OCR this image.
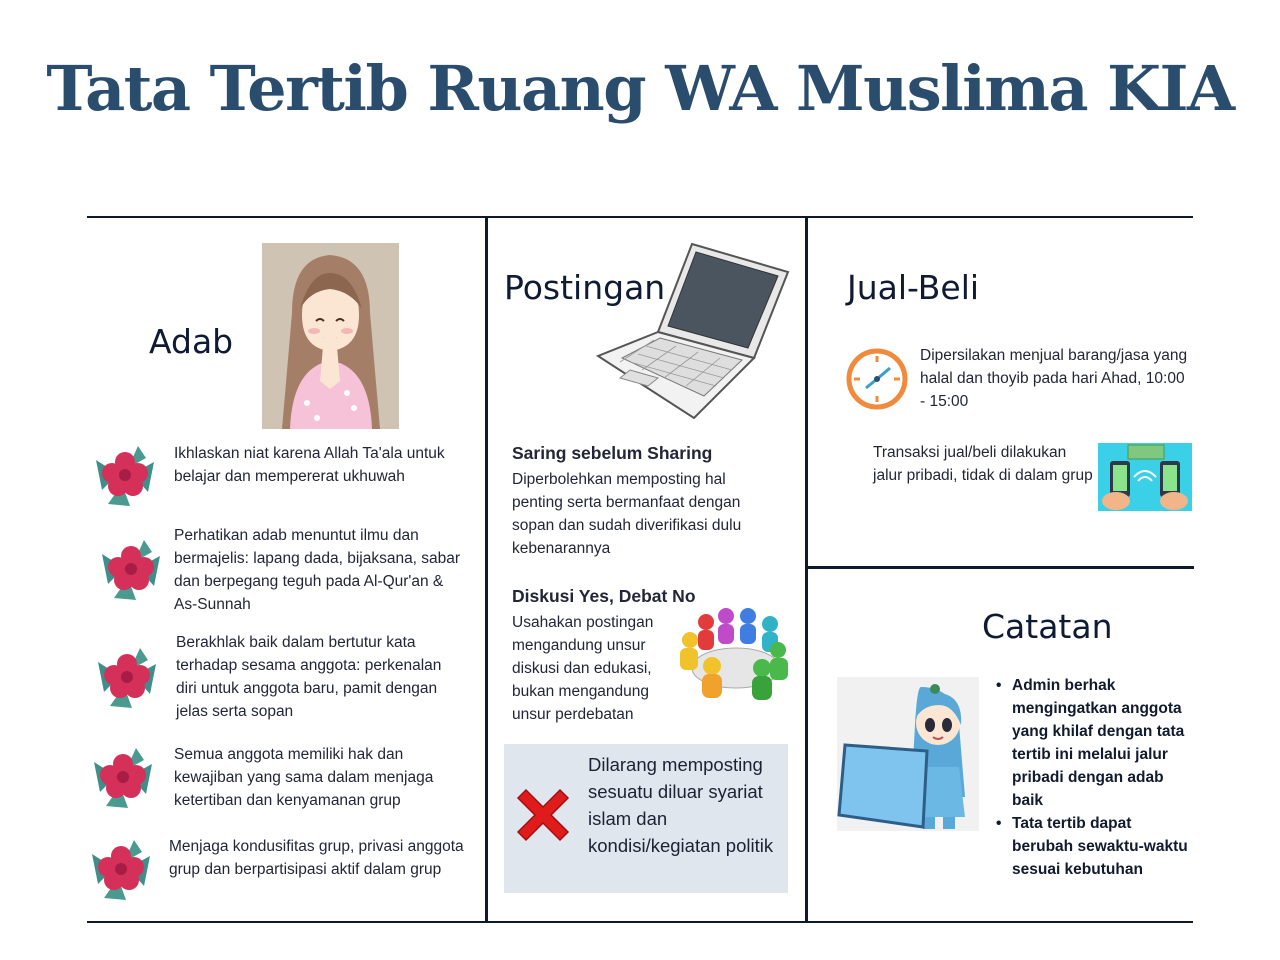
Tata Tertib Ruang WA Muslima KIA
Adab
Ikhlaskan niat karena Allah Ta'ala untuk belajar dan mempererat ukhuwah
Perhatikan adab menuntut ilmu dan bermajelis: lapang dada, bijaksana, sabar dan berpegang teguh pada Al-Qur'an & As-Sunnah
Berakhlak baik dalam bertutur kata terhadap sesama anggota: perkenalan diri untuk anggota baru, pamit dengan jelas serta sopan
Semua anggota memiliki hak dan kewajiban yang sama dalam menjaga ketertiban dan kenyamanan grup
Menjaga kondusifitas grup, privasi anggota grup dan berpartisipasi aktif dalam grup
Postingan
Saring sebelum Sharing
Diperbolehkan memposting hal penting serta bermanfaat dengan sopan dan sudah diverifikasi dulu kebenarannya
Diskusi Yes, Debat No
Usahakan postingan mengandung unsur diskusi dan edukasi, bukan mengandung unsur perdebatan
Dilarang memposting sesuatu diluar syariat islam dan kondisi/kegiatan politik
Jual-Beli
Dipersilakan menjual barang/jasa yang halal dan thoyib pada hari Ahad, 10:00 - 15:00
Transaksi jual/beli dilakukan jalur pribadi, tidak di dalam grup
Catatan
• Admin berhak mengingatkan anggota yang khilaf dengan tata tertib ini melalui jalur pribadi dengan adab baik
• Tata tertib dapat berubah sewaktu-waktu sesuai kebutuhan
